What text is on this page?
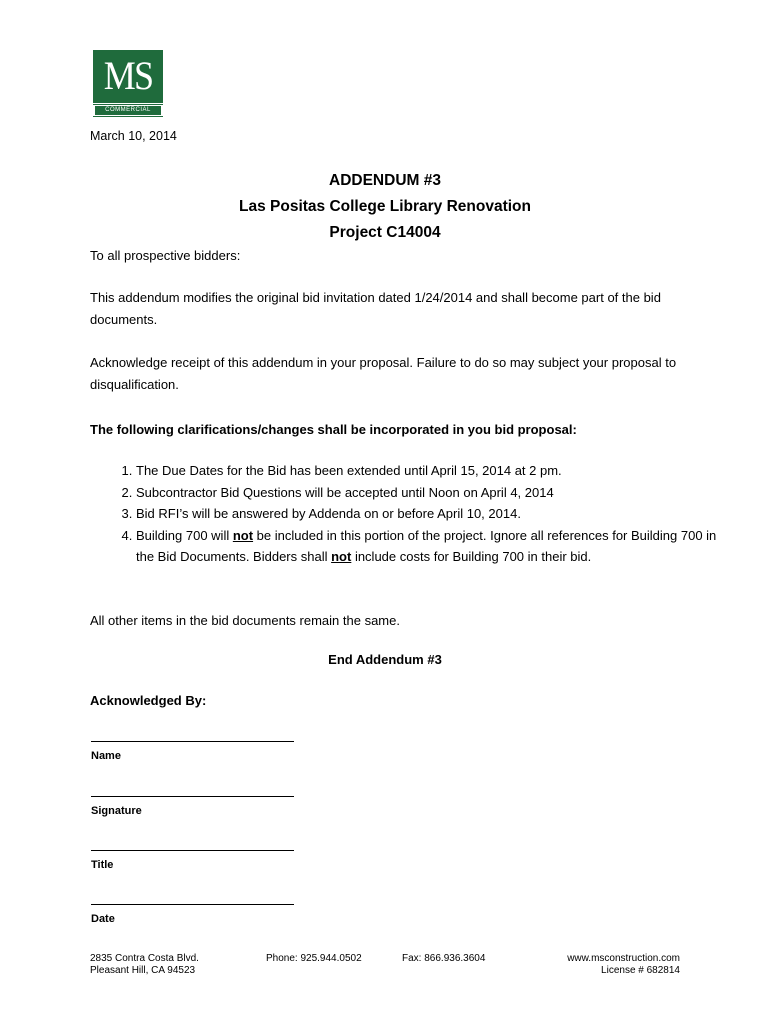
MS
COMMERCIAL
March 10, 2014
ADDENDUM #3
Las Positas College Library Renovation
Project C14004
To all prospective bidders:
This addendum modifies the original bid invitation dated 1/24/2014 and shall become part of the bid documents.
Acknowledge receipt of this addendum in your proposal. Failure to do so may subject your proposal to disqualification.
The following clarifications/changes shall be incorporated in you bid proposal:
1. The Due Dates for the Bid has been extended until April 15, 2014 at 2 pm.
2. Subcontractor Bid Questions will be accepted until Noon on April 4, 2014
3. Bid RFI’s will be answered by Addenda on or before April 10, 2014.
4. Building 700 will not be included in this portion of the project. Ignore all references for Building 700 in the Bid Documents. Bidders shall not include costs for Building 700 in their bid.
All other items in the bid documents remain the same.
End Addendum #3
Acknowledged By:
Name
Signature
Title
Date
2835 Contra Costa Blvd.
Pleasant Hill, CA 94523
Phone: 925.944.0502	Fax: 866.936.3604	www.msconstruction.com
License # 682814
